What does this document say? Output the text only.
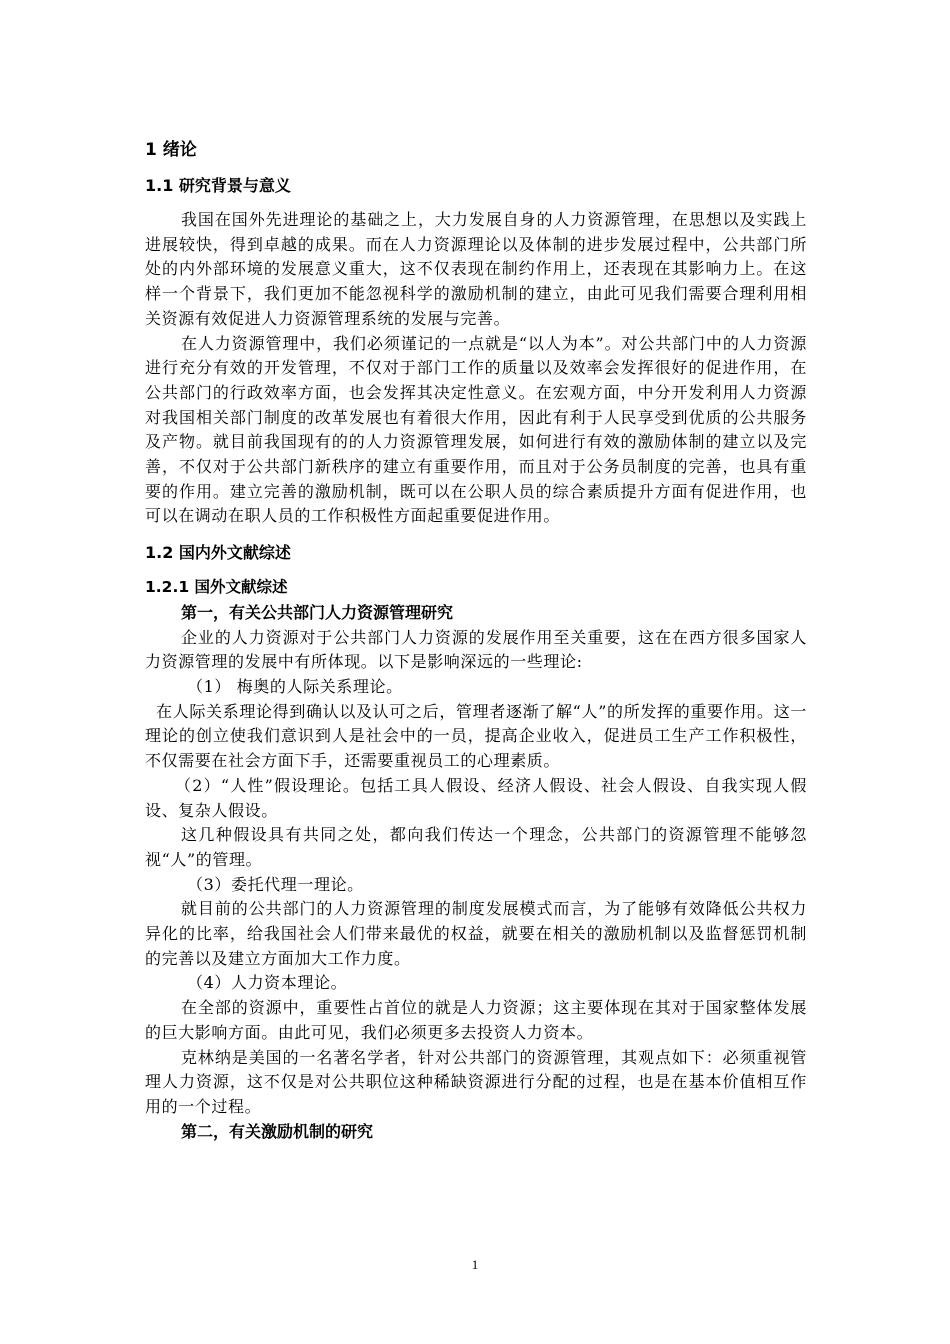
1 绪论
1.1 研究背景与意义

我国在国外先进理论的基础之上，大力发展自身的人力资源管理，在思想以及实践上进展较快，得到卓越的成果。而在人力资源理论以及体制的进步发展过程中，公共部门所处的内外部环境的发展意义重大，这不仅表现在制约作用上，还表现在其影响力上。在这样一个背景下，我们更加不能忽视科学的激励机制的建立，由此可见我们需要合理利用相关资源有效促进人力资源管理系统的发展与完善。

在人力资源管理中，我们必须谨记的一点就是“以人为本”。对公共部门中的人力资源进行充分有效的开发管理，不仅对于部门工作的质量以及效率会发挥很好的促进作用，在公共部门的行政效率方面，也会发挥其决定性意义。在宏观方面，中分开发利用人力资源对我国相关部门制度的改革发展也有着很大作用，因此有利于人民享受到优质的公共服务及产物。就目前我国现有的的人力资源管理发展，如何进行有效的激励体制的建立以及完善，不仅对于公共部门新秩序的建立有重要作用，而且对于公务员制度的完善，也具有重要的作用。建立完善的激励机制，既可以在公职人员的综合素质提升方面有促进作用，也可以在调动在职人员的工作积极性方面起重要促进作用。

1.2 国内外文献综述
1.2.1 国外文献综述

第一，有关公共部门人力资源管理研究

企业的人力资源对于公共部门人力资源的发展作用至关重要，这在在西方很多国家人力资源管理的发展中有所体现。以下是影响深远的一些理论:

（1） 梅奥的人际关系理论。

在人际关系理论得到确认以及认可之后，管理者逐渐了解“人”的所发挥的重要作用。这一理论的创立使我们意识到人是社会中的一员，提高企业收入，促进员工生产工作积极性，不仅需要在社会方面下手，还需要重视员工的心理素质。

（2）“人性”假设理论。包括工具人假设、经济人假设、社会人假设、自我实现人假设、复杂人假设。

这几种假设具有共同之处，都向我们传达一个理念，公共部门的资源管理不能够忽视“人”的管理。

（3）委托代理一理论。

就目前的公共部门的人力资源管理的制度发展模式而言，为了能够有效降低公共权力异化的比率，给我国社会人们带来最优的权益，就要在相关的激励机制以及监督惩罚机制的完善以及建立方面加大工作力度。

（4）人力资本理论。

在全部的资源中，重要性占首位的就是人力资源；这主要体现在其对于国家整体发展的巨大影响方面。由此可见，我们必须更多去投资人力资本。

克林纳是美国的一名著名学者，针对公共部门的资源管理，其观点如下：必须重视管理人力资源，这不仅是对公共职位这种稀缺资源进行分配的过程，也是在基本价值相互作用的一个过程。

第二，有关激励机制的研究

1
